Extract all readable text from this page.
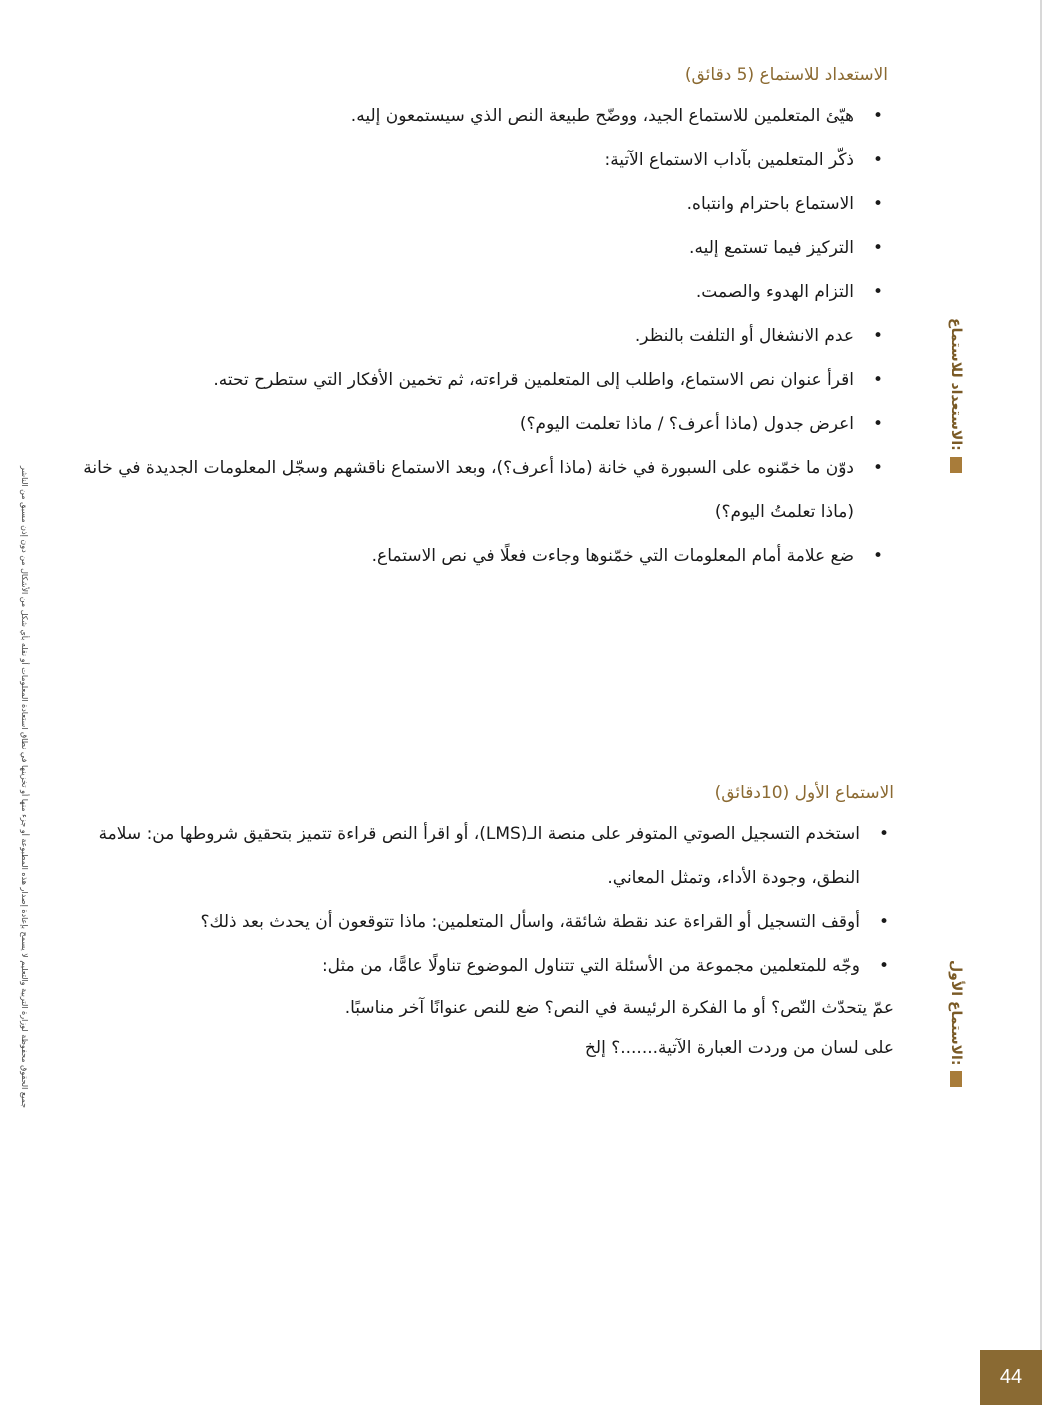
جميع الحقوق محفوظة لوزارة التربية والتعليم لا يسمح بإعادة إصدار هذه المطبوعة أو جزء منها أو تخزينها في نطاق استعادة المعلومات أو نقله بأي شكل من الأشكال من دون إذن مسبق من الناشر
الاستعداد للاستماع:
الاستعداد للاستماع (5 دقائق)
•
هيّئ المتعلمين للاستماع الجيد، ووضّح طبيعة النص الذي سيستمعون إليه.
•
ذكّر المتعلمين بآداب الاستماع الآتية:
•
الاستماع باحترام وانتباه.
•
التركيز فيما تستمع إليه.
•
التزام الهدوء والصمت.
•
عدم الانشغال أو التلفت بالنظر.
•
اقرأ عنوان نص الاستماع، واطلب إلى المتعلمين قراءته، ثم تخمين الأفكار التي ستطرح تحته.
•
اعرض جدول (ماذا أعرف؟ / ماذا تعلمت اليوم؟)
•
دوّن ما خمّنوه على السبورة في خانة (ماذا أعرف؟)، وبعد الاستماع ناقشهم وسجّل المعلومات الجديدة في خانة (ماذا تعلمتُ اليوم؟)
•
ضع علامة أمام المعلومات التي خمّنوها وجاءت فعلًا في نص الاستماع.
الاستماع الأول:
الاستماع الأول (10دقائق)
•
استخدم التسجيل الصوتي المتوفر على منصة الـ(LMS)، أو اقرأ النص قراءة تتميز بتحقيق شروطها من: سلامة النطق، وجودة الأداء، وتمثل المعاني.
•
أوقف التسجيل أو القراءة عند نقطة شائقة، واسأل المتعلمين: ماذا تتوقعون أن يحدث بعد ذلك؟
•
وجّه للمتعلمين مجموعة من الأسئلة التي تتناول الموضوع تناولًا عامًّا، من مثل:

عمّ يتحدّث النّص؟ أو ما الفكرة الرئيسة في النص؟ ضع للنص عنوانًا آخر مناسبًا.

على لسان من وردت العبارة الآتية.......؟ إلخ

44
